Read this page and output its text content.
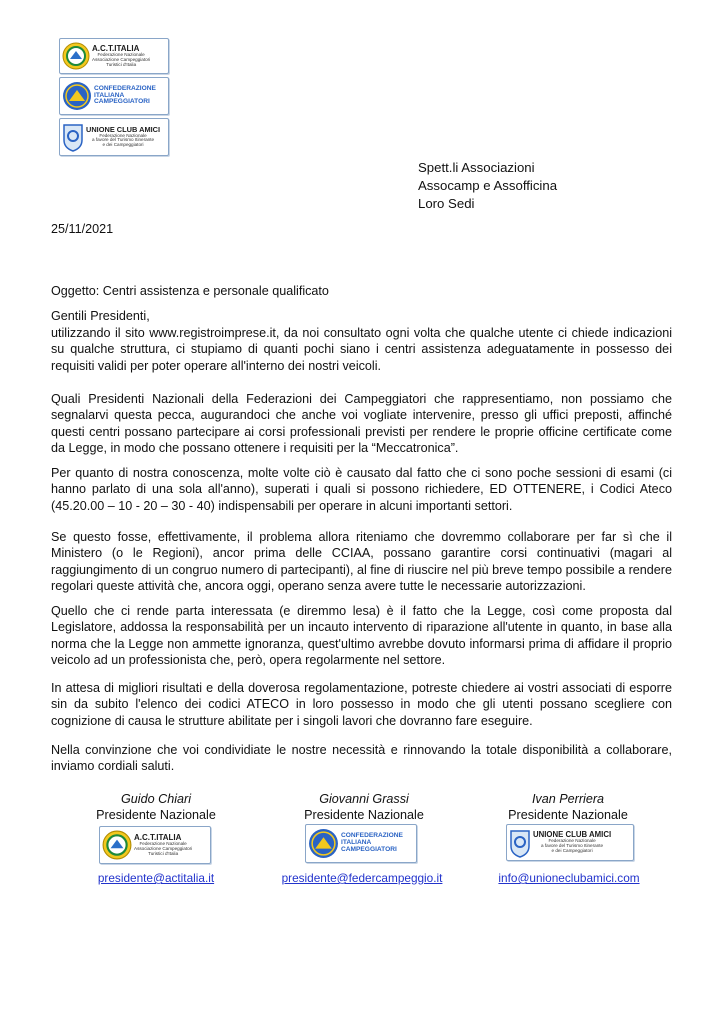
A.C.T.ITALIA
Federazione Nazionale
Associazione Campeggiatori
Turistici d'Italia
CONFEDERAZIONE
ITALIANA
CAMPEGGIATORI
UNIONE CLUB AMICI
Federazione Nazionale
a favore del Turismo Itinerante
e dei Campeggiatori
Spett.li Associazioni
Assocamp e Assofficina
Loro Sedi
25/11/2021
Oggetto: Centri assistenza e personale qualificato
Gentili Presidenti,

utilizzando il sito www.registroimprese.it, da noi consultato ogni volta che qualche utente ci chiede indicazioni su qualche struttura, ci stupiamo di quanti pochi siano i centri assistenza adeguatamente in possesso dei requisiti validi per poter operare all'interno dei nostri veicoli.

Quali Presidenti Nazionali della Federazioni dei Campeggiatori che rappresentiamo, non possiamo che segnalarvi questa pecca, augurandoci che anche voi vogliate intervenire, presso gli uffici preposti, affinché questi centri possano partecipare ai corsi professionali previsti per rendere le proprie officine certificate come da Legge, in modo che possano ottenere i requisiti per la “Meccatronica”.

Per quanto di nostra conoscenza, molte volte ciò è causato dal fatto che ci sono poche sessioni di esami (ci hanno parlato di una sola all'anno), superati i quali si possono richiedere, ED OTTENERE, i Codici Ateco (45.20.00 – 10 - 20 – 30 - 40) indispensabili per operare in alcuni importanti settori.

Se questo fosse, effettivamente, il problema allora riteniamo che dovremmo collaborare per far sì che il Ministero (o le Regioni), ancor prima delle CCIAA, possano garantire corsi continuativi (magari al raggiungimento di un congruo numero di partecipanti), al fine di riuscire nel più breve tempo possibile a rendere regolari queste attività che, ancora oggi, operano senza avere tutte le necessarie autorizzazioni.

Quello che ci rende parta interessata (e diremmo lesa) è il fatto che la Legge, così come proposta dal Legislatore, addossa la responsabilità per un incauto intervento di riparazione all'utente in quanto, in base alla norma che la Legge non ammette ignoranza, quest'ultimo avrebbe dovuto informarsi prima di affidare il proprio veicolo ad un professionista che, però, opera regolarmente nel settore.

In attesa di migliori risultati e della doverosa regolamentazione, potreste chiedere ai vostri associati di esporre sin da subito l'elenco dei codici ATECO in loro possesso in modo che gli utenti possano scegliere con cognizione di causa le strutture abilitate per i singoli lavori che dovranno fare eseguire.

Nella convinzione che voi condividiate le nostre necessità e rinnovando la totale disponibilità a collaborare, inviamo cordiali saluti.

Guido Chiari
Presidente Nazionale
Giovanni Grassi
Presidente Nazionale
Ivan Perriera
Presidente Nazionale
A.C.T.ITALIA
Federazione Nazionale
Associazione Campeggiatori
Turistici d'Italia
CONFEDERAZIONE
ITALIANA
CAMPEGGIATORI
UNIONE CLUB AMICI
Federazione Nazionale
a favore del Turismo Itinerante
e dei Campeggiatori
presidente@actitalia.it	presidente@federcampeggio.it	info@unioneclubamici.com
